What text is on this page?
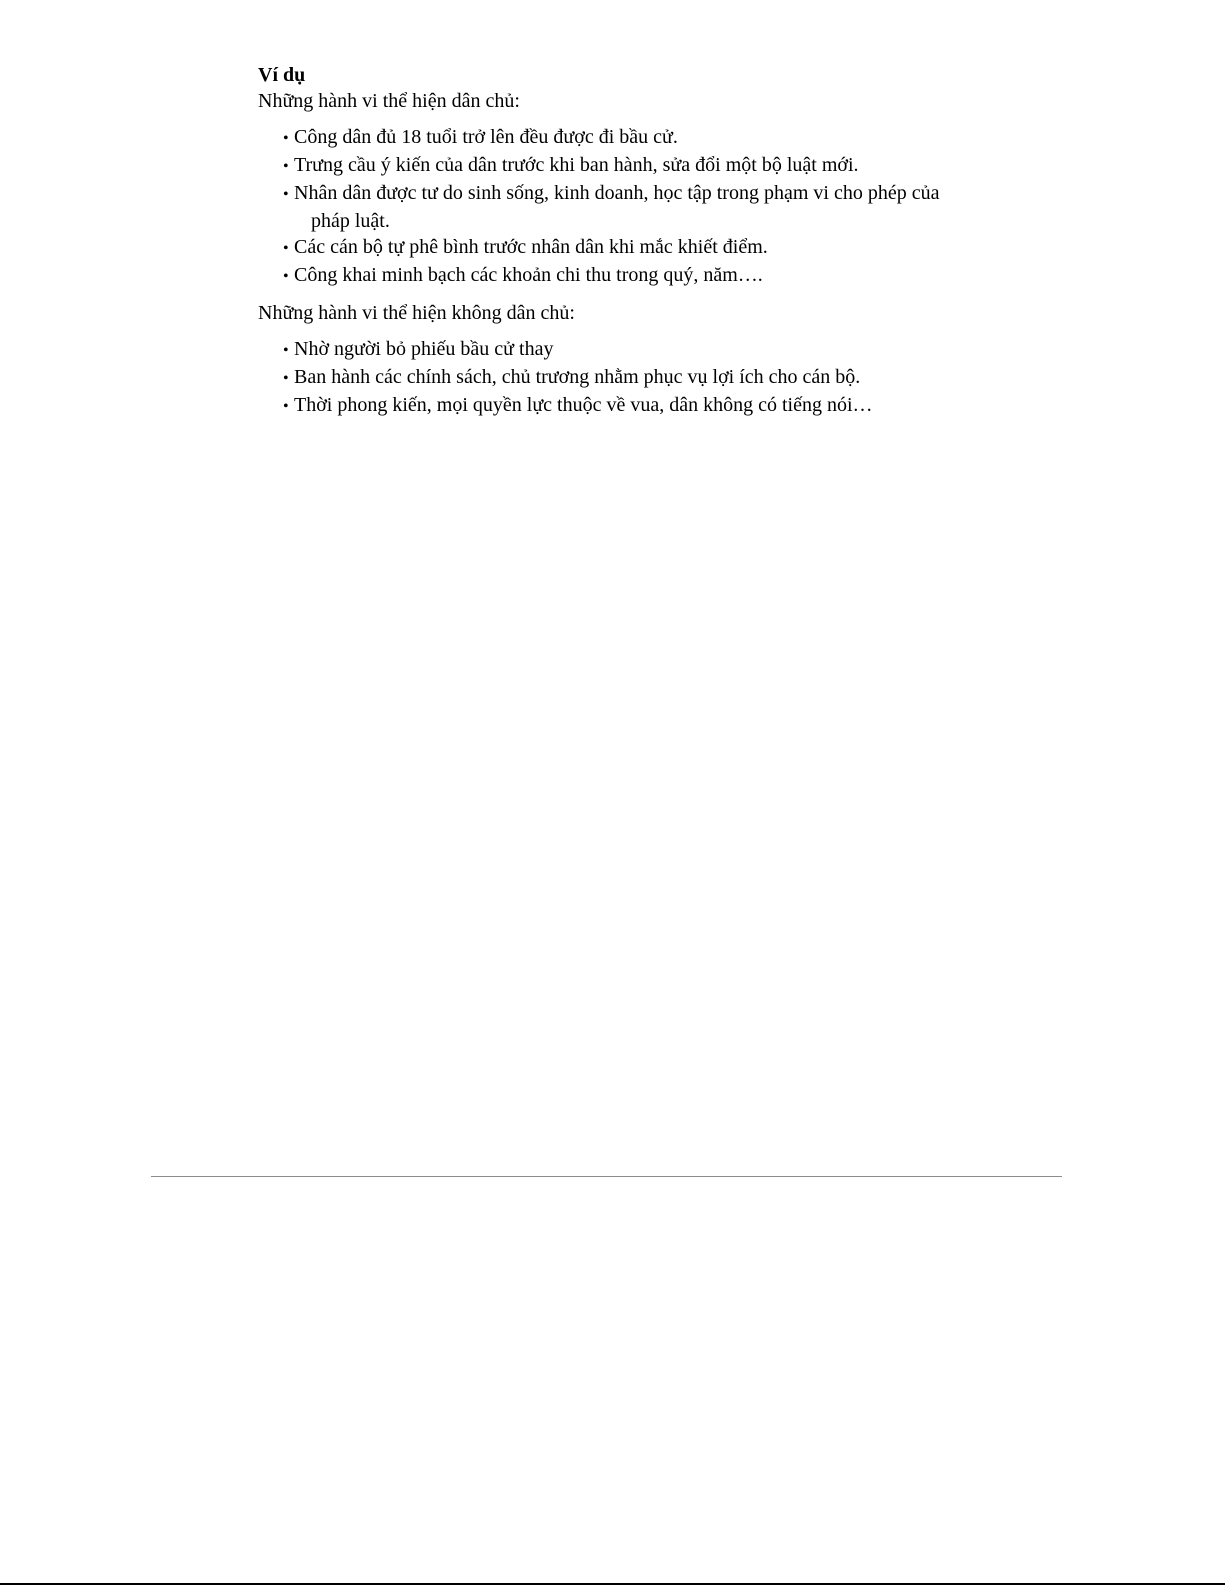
Ví dụ

Những hành vi thể hiện dân chủ:

• Công dân đủ 18 tuổi trở lên đều được đi bầu cử.
• Trưng cầu ý kiến của dân trước khi ban hành, sửa đổi một bộ luật mới.
• Nhân dân được tư do sinh sống, kinh doanh, học tập trong phạm vi cho phép của pháp luật.
• Các cán bộ tự phê bình trước nhân dân khi mắc khiết điểm.
• Công khai minh bạch các khoản chi thu trong quý, năm….

Những hành vi thể hiện không dân chủ:

• Nhờ người bỏ phiếu bầu cử thay
• Ban hành các chính sách, chủ trương nhằm phục vụ lợi ích cho cán bộ.
• Thời phong kiến, mọi quyền lực thuộc về vua, dân không có tiếng nói…
